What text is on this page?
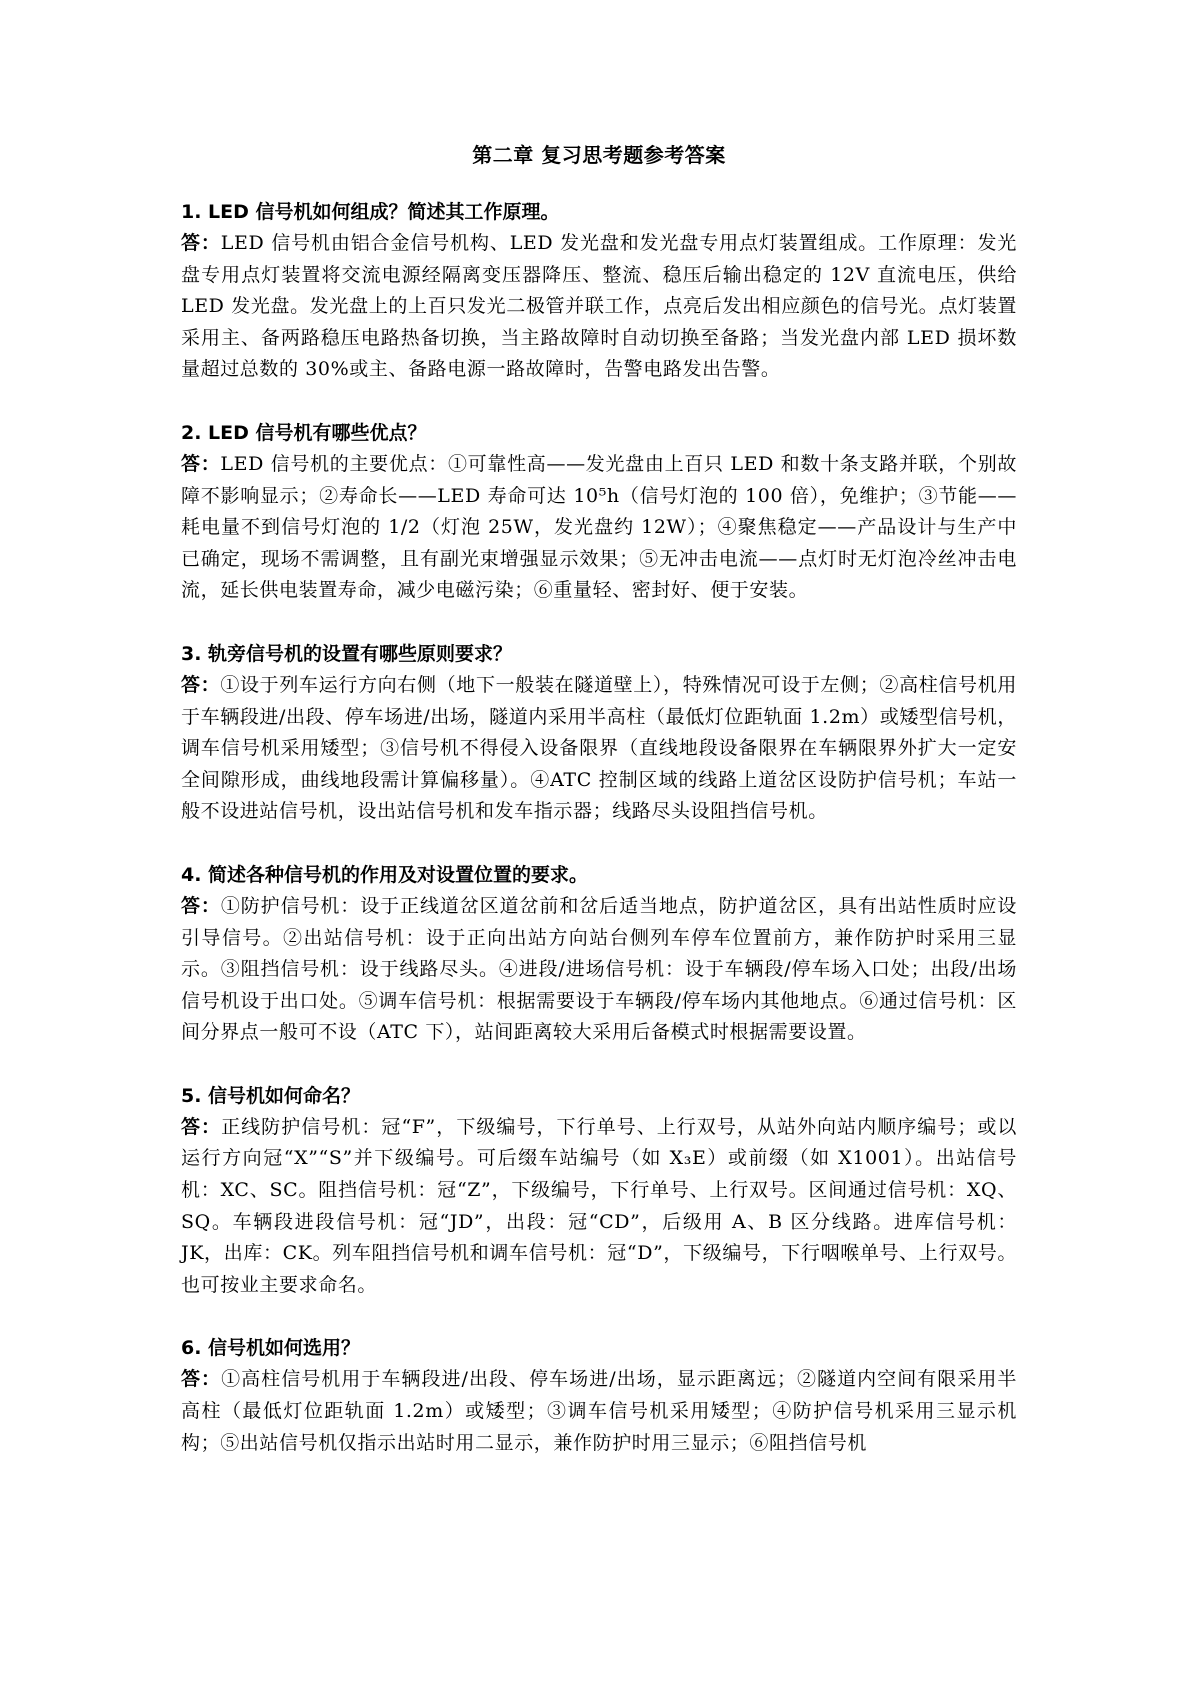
第二章 复习思考题参考答案

1. LED 信号机如何组成？简述其工作原理。

答：LED 信号机由铝合金信号机构、LED 发光盘和发光盘专用点灯装置组成。工作原理：发光盘专用点灯装置将交流电源经隔离变压器降压、整流、稳压后输出稳定的 12V 直流电压，供给 LED 发光盘。发光盘上的上百只发光二极管并联工作，点亮后发出相应颜色的信号光。点灯装置采用主、备两路稳压电路热备切换，当主路故障时自动切换至备路；当发光盘内部 LED 损坏数量超过总数的 30%或主、备路电源一路故障时，告警电路发出告警。

2. LED 信号机有哪些优点？

答：LED 信号机的主要优点：①可靠性高——发光盘由上百只 LED 和数十条支路并联，个别故障不影响显示；②寿命长——LED 寿命可达 10⁵h（信号灯泡的 100 倍），免维护；③节能——耗电量不到信号灯泡的 1/2（灯泡 25W，发光盘约 12W）；④聚焦稳定——产品设计与生产中已确定，现场不需调整，且有副光束增强显示效果；⑤无冲击电流——点灯时无灯泡冷丝冲击电流，延长供电装置寿命，减少电磁污染；⑥重量轻、密封好、便于安装。

3. 轨旁信号机的设置有哪些原则要求？

答：①设于列车运行方向右侧（地下一般装在隧道壁上），特殊情况可设于左侧；②高柱信号机用于车辆段进/出段、停车场进/出场，隧道内采用半高柱（最低灯位距轨面 1.2m）或矮型信号机，调车信号机采用矮型；③信号机不得侵入设备限界（直线地段设备限界在车辆限界外扩大一定安全间隙形成，曲线地段需计算偏移量）。④ATC 控制区域的线路上道岔区设防护信号机；车站一般不设进站信号机，设出站信号机和发车指示器；线路尽头设阻挡信号机。

4. 简述各种信号机的作用及对设置位置的要求。

答：①防护信号机：设于正线道岔区道岔前和岔后适当地点，防护道岔区，具有出站性质时应设引导信号。②出站信号机：设于正向出站方向站台侧列车停车位置前方，兼作防护时采用三显示。③阻挡信号机：设于线路尽头。④进段/进场信号机：设于车辆段/停车场入口处；出段/出场信号机设于出口处。⑤调车信号机：根据需要设于车辆段/停车场内其他地点。⑥通过信号机：区间分界点一般可不设（ATC 下），站间距离较大采用后备模式时根据需要设置。

5. 信号机如何命名？

答：正线防护信号机：冠“F”，下级编号，下行单号、上行双号，从站外向站内顺序编号；或以运行方向冠“X”“S”并下级编号。可后缀车站编号（如 X₃E）或前缀（如 X1001）。出站信号机：XC、SC。阻挡信号机：冠“Z”，下级编号，下行单号、上行双号。区间通过信号机：XQ、SQ。车辆段进段信号机：冠“JD”，出段：冠“CD”，后级用 A、B 区分线路。进库信号机：JK，出库：CK。列车阻挡信号机和调车信号机：冠“D”，下级编号，下行咽喉单号、上行双号。也可按业主要求命名。

6. 信号机如何选用？

答：①高柱信号机用于车辆段进/出段、停车场进/出场，显示距离远；②隧道内空间有限采用半高柱（最低灯位距轨面 1.2m）或矮型；③调车信号机采用矮型；④防护信号机采用三显示机构；⑤出站信号机仅指示出站时用二显示，兼作防护时用三显示；⑥阻挡信号机
